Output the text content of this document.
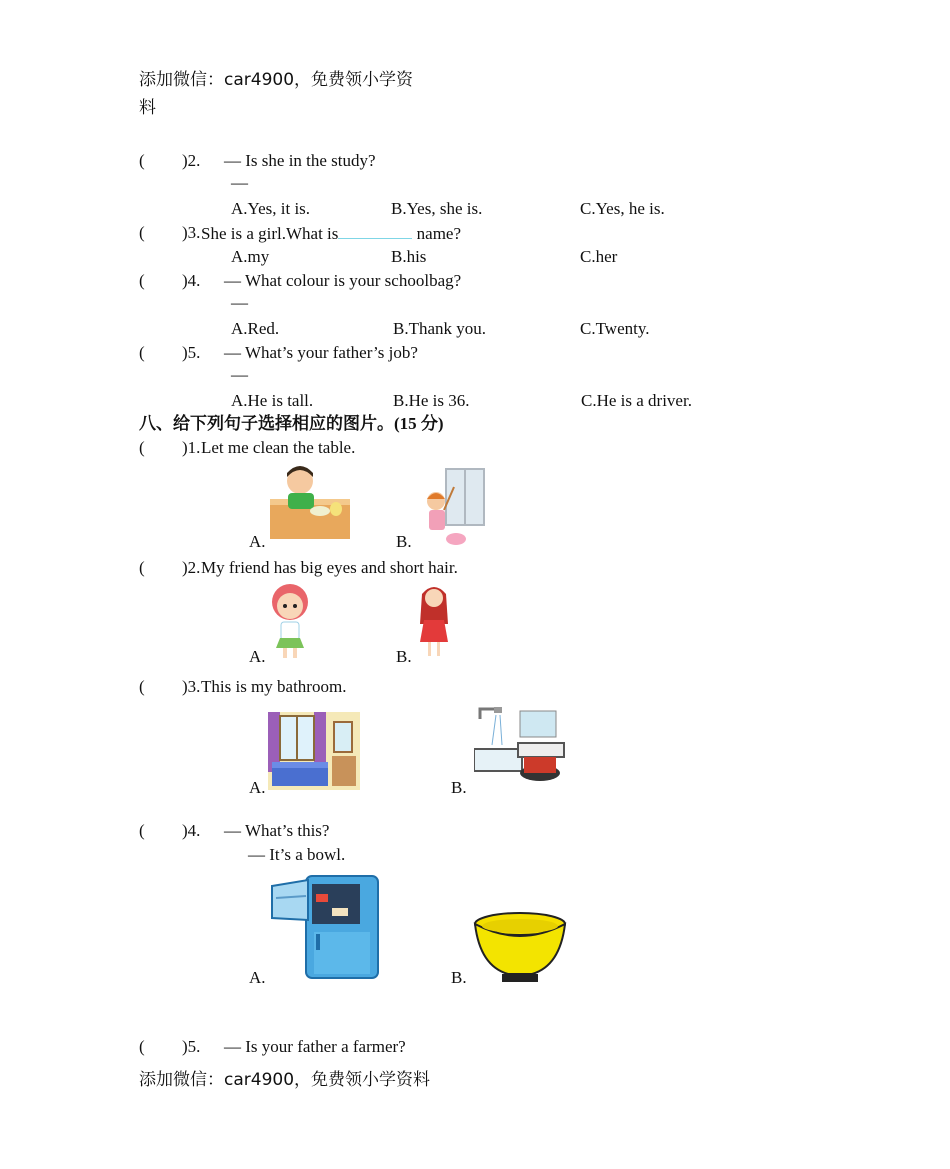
添加微信：car4900，免费领小学资
料
( )2. — Is she in the study?
—
A.Yes, it is.	B.Yes, she is.	C.Yes, he is.
( )3. She is a girl.What is	name?
A.my	B.his	C.her
( )4. — What colour is your schoolbag?
—
A.Red.	B.Thank you.	C.Twenty.
( )5. — What’s your father’s job?
—
A.He is tall.	B.He is 36.	C.He is a driver.
八、给下列句子选择相应的图片。(15 分)
( )1. Let me clean the table.
A.	B.
( )2. My friend has big eyes and short hair.
A.	B.
( )3. This is my bathroom.
A.	B.
( )4. — What’s this?
— It’s a bowl.
A.	B.
( )5. — Is your father a farmer?
添加微信：car4900，免费领小学资料
